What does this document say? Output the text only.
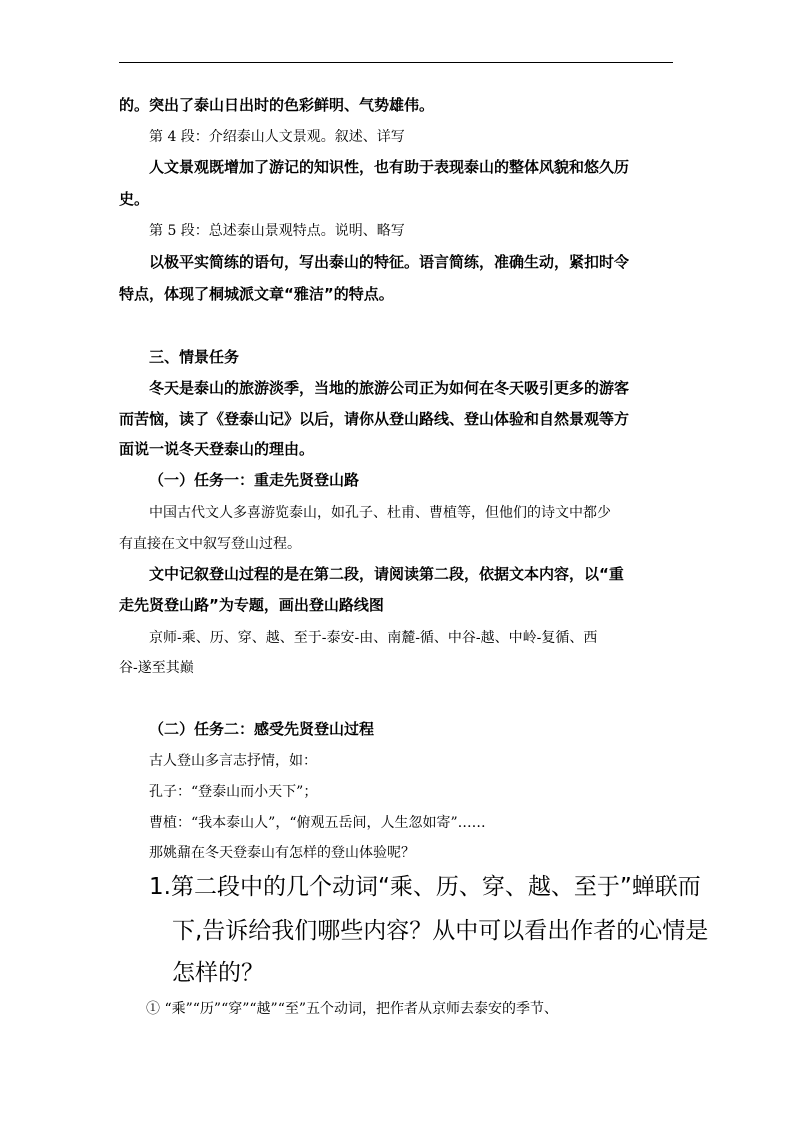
的。突出了泰山日出时的色彩鲜明、气势雄伟。
第 4 段：介绍泰山人文景观。叙述、详写
人文景观既增加了游记的知识性，也有助于表现泰山的整体风貌和悠久历
史。
第 5 段：总述泰山景观特点。说明、略写
以极平实简练的语句，写出泰山的特征。语言简练，准确生动，紧扣时令
特点，体现了桐城派文章“雅洁”的特点。
三、情景任务
冬天是泰山的旅游淡季，当地的旅游公司正为如何在冬天吸引更多的游客
而苦恼，读了《登泰山记》以后，请你从登山路线、登山体验和自然景观等方
面说一说冬天登泰山的理由。
（一）任务一：重走先贤登山路
中国古代文人多喜游览泰山，如孔子、杜甫、曹植等，但他们的诗文中都少
有直接在文中叙写登山过程。
文中记叙登山过程的是在第二段，请阅读第二段，依据文本内容，以“重
走先贤登山路”为专题，画出登山路线图
京师-乘、历、穿、越、至于-泰安-由、南麓-循、中谷-越、中岭-复循、西
谷-遂至其巅
（二）任务二：感受先贤登山过程
古人登山多言志抒情，如：
孔子：“登泰山而小天下”；
曹植：“我本泰山人”，“俯观五岳间，人生忽如寄”……
那姚鼐在冬天登泰山有怎样的登山体验呢？
1.第二段中的几个动词“乘、历、穿、越、至于”蝉联而
下,告诉给我们哪些内容？从中可以看出作者的心情是
怎样的？
① “乘”“历”“穿”“越”“至”五个动词，把作者从京师去泰安的季节、
